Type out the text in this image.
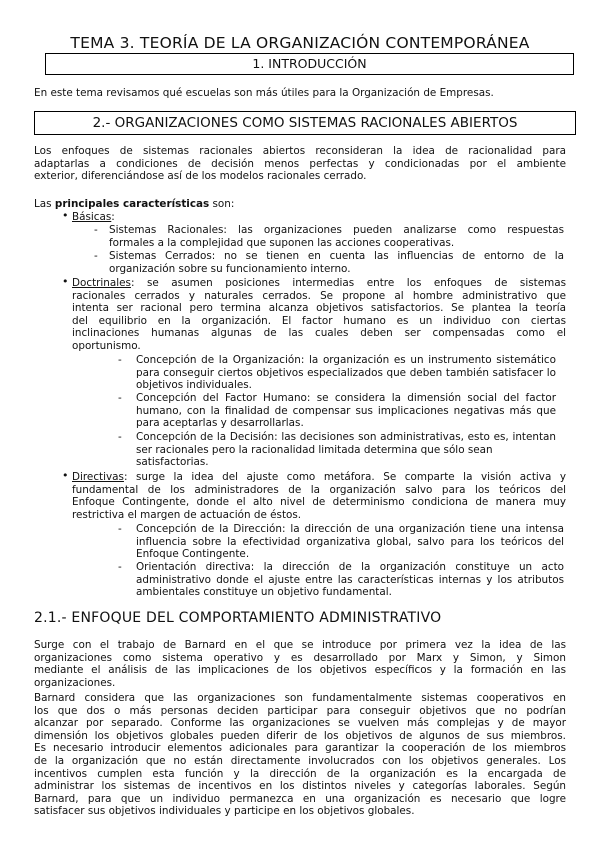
TEMA 3. TEORÍA DE LA ORGANIZACIÓN CONTEMPORÁNEA
1. INTRODUCCIÓN
En este tema revisamos qué escuelas son más útiles para la Organización de Empresas.
2.- ORGANIZACIONES COMO SISTEMAS RACIONALES ABIERTOS
Los enfoques de sistemas racionales abiertos reconsideran la idea de racionalidad para
adaptarlas a condiciones de decisión menos perfectas y condicionadas por el ambiente
exterior, diferenciándose así de los modelos racionales cerrado.
Las principales características son:
• Básicas:
- Sistemas Racionales: las organizaciones pueden analizarse como respuestas
formales a la complejidad que suponen las acciones cooperativas.
- Sistemas Cerrados: no se tienen en cuenta las influencias de entorno de la
organización sobre su funcionamiento interno.
• Doctrinales: se asumen posiciones intermedias entre los enfoques de sistemas
racionales cerrados y naturales cerrados. Se propone al hombre administrativo que
intenta ser racional pero termina alcanza objetivos satisfactorios. Se plantea la teoría
del equilibrio en la organización. El factor humano es un individuo con ciertas
inclinaciones humanas algunas de las cuales deben ser compensadas como el
oportunismo.
- Concepción de la Organización: la organización es un instrumento sistemático
para conseguir ciertos objetivos especializados que deben también satisfacer lo
objetivos individuales.
- Concepción del Factor Humano: se considera la dimensión social del factor
humano, con la finalidad de compensar sus implicaciones negativas más que
para aceptarlas y desarrollarlas.
- Concepción de la Decisión: las decisiones son administrativas, esto es, intentan
ser racionales pero la racionalidad limitada determina que sólo sean
satisfactorias.
• Directivas: surge la idea del ajuste como metáfora. Se comparte la visión activa y
fundamental de los administradores de la organización salvo para los teóricos del
Enfoque Contingente, donde el alto nivel de determinismo condiciona de manera muy
restrictiva el margen de actuación de éstos.
- Concepción de la Dirección: la dirección de una organización tiene una intensa
influencia sobre la efectividad organizativa global, salvo para los teóricos del
Enfoque Contingente.
- Orientación directiva: la dirección de la organización constituye un acto
administrativo donde el ajuste entre las características internas y los atributos
ambientales constituye un objetivo fundamental.
2.1.- ENFOQUE DEL COMPORTAMIENTO ADMINISTRATIVO
Surge con el trabajo de Barnard en el que se introduce por primera vez la idea de las
organizaciones como sistema operativo y es desarrollado por Marx y Simon, y Simon
mediante el análisis de las implicaciones de los objetivos específicos y la formación en las
organizaciones.
Barnard considera que las organizaciones son fundamentalmente sistemas cooperativos en
los que dos o más personas deciden participar para conseguir objetivos que no podrían
alcanzar por separado. Conforme las organizaciones se vuelven más complejas y de mayor
dimensión los objetivos globales pueden diferir de los objetivos de algunos de sus miembros.
Es necesario introducir elementos adicionales para garantizar la cooperación de los miembros
de la organización que no están directamente involucrados con los objetivos generales. Los
incentivos cumplen esta función y la dirección de la organización es la encargada de
administrar los sistemas de incentivos en los distintos niveles y categorías laborales. Según
Barnard, para que un individuo permanezca en una organización es necesario que logre
satisfacer sus objetivos individuales y participe en los objetivos globales.
